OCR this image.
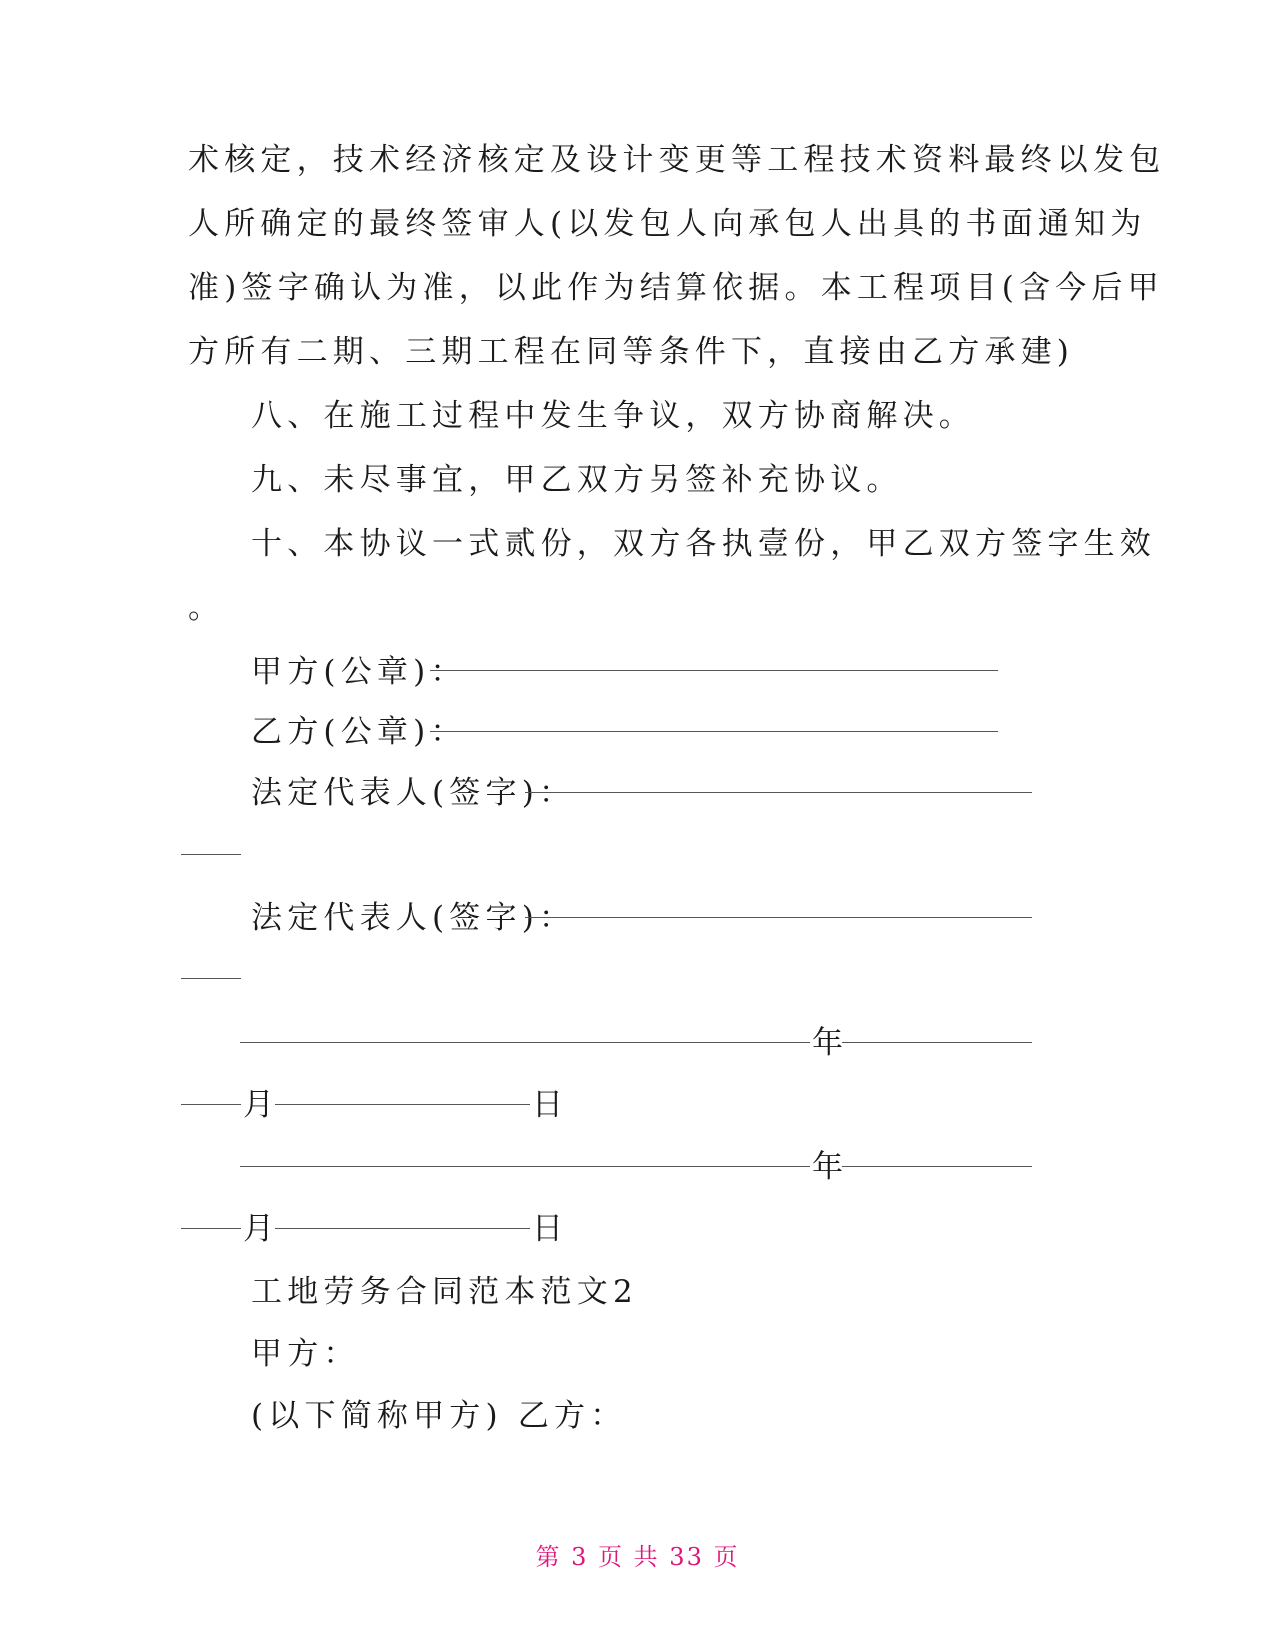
术核定，技术经济核定及设计变更等工程技术资料最终以发包
人所确定的最终签审人(以发包人向承包人出具的书面通知为
准)签字确认为准，以此作为结算依据。本工程项目(含今后甲
方所有二期、三期工程在同等条件下，直接由乙方承建)
八、在施工过程中发生争议，双方协商解决。
九、未尽事宜，甲乙双方另签补充协议。
十、本协议一式贰份，双方各执壹份，甲乙双方签字生效
。
甲方(公章)：
乙方(公章)：
法定代表人(签字)：
法定代表人(签字)：
年
月	日
年
月	日
工地劳务合同范本范文2
甲方：
(以下简称甲方) 乙方：
第 3 页 共 33 页
